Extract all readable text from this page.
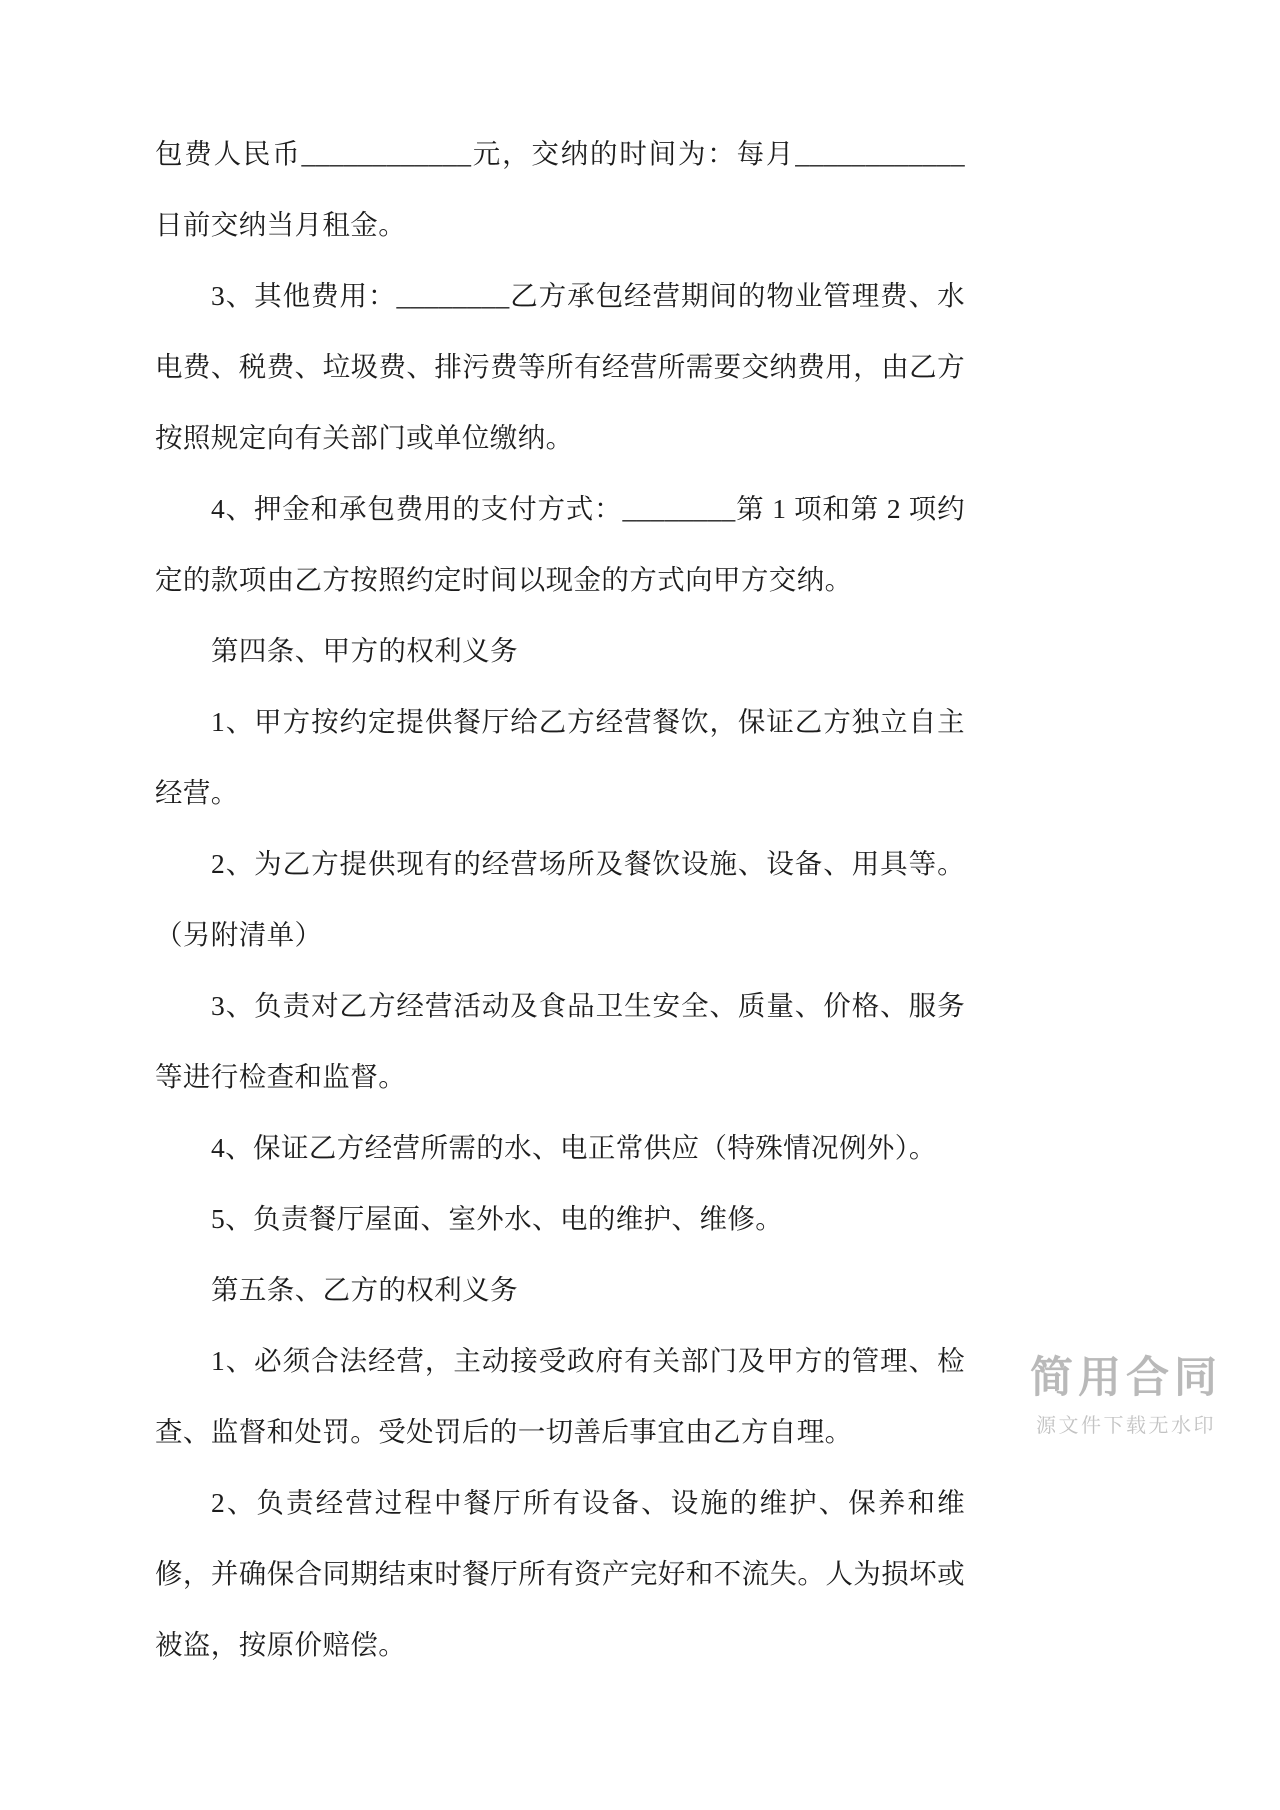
包费人民币____________元，交纳的时间为：每月____________日前交纳当月租金。

3、其他费用：________乙方承包经营期间的物业管理费、水电费、税费、垃圾费、排污费等所有经营所需要交纳费用，由乙方按照规定向有关部门或单位缴纳。

4、押金和承包费用的支付方式：________第 1 项和第 2 项约定的款项由乙方按照约定时间以现金的方式向甲方交纳。

第四条、甲方的权利义务

1、甲方按约定提供餐厅给乙方经营餐饮，保证乙方独立自主经营。

2、为乙方提供现有的经营场所及餐饮设施、设备、用具等。（另附清单）

3、负责对乙方经营活动及食品卫生安全、质量、价格、服务等进行检查和监督。

4、保证乙方经营所需的水、电正常供应（特殊情况例外）。

5、负责餐厅屋面、室外水、电的维护、维修。

第五条、乙方的权利义务

1、必须合法经营，主动接受政府有关部门及甲方的管理、检查、监督和处罚。受处罚后的一切善后事宜由乙方自理。

2、负责经营过程中餐厅所有设备、设施的维护、保养和维修，并确保合同期结束时餐厅所有资产完好和不流失。人为损坏或被盗，按原价赔偿。

简用合同
源文件下载无水印
